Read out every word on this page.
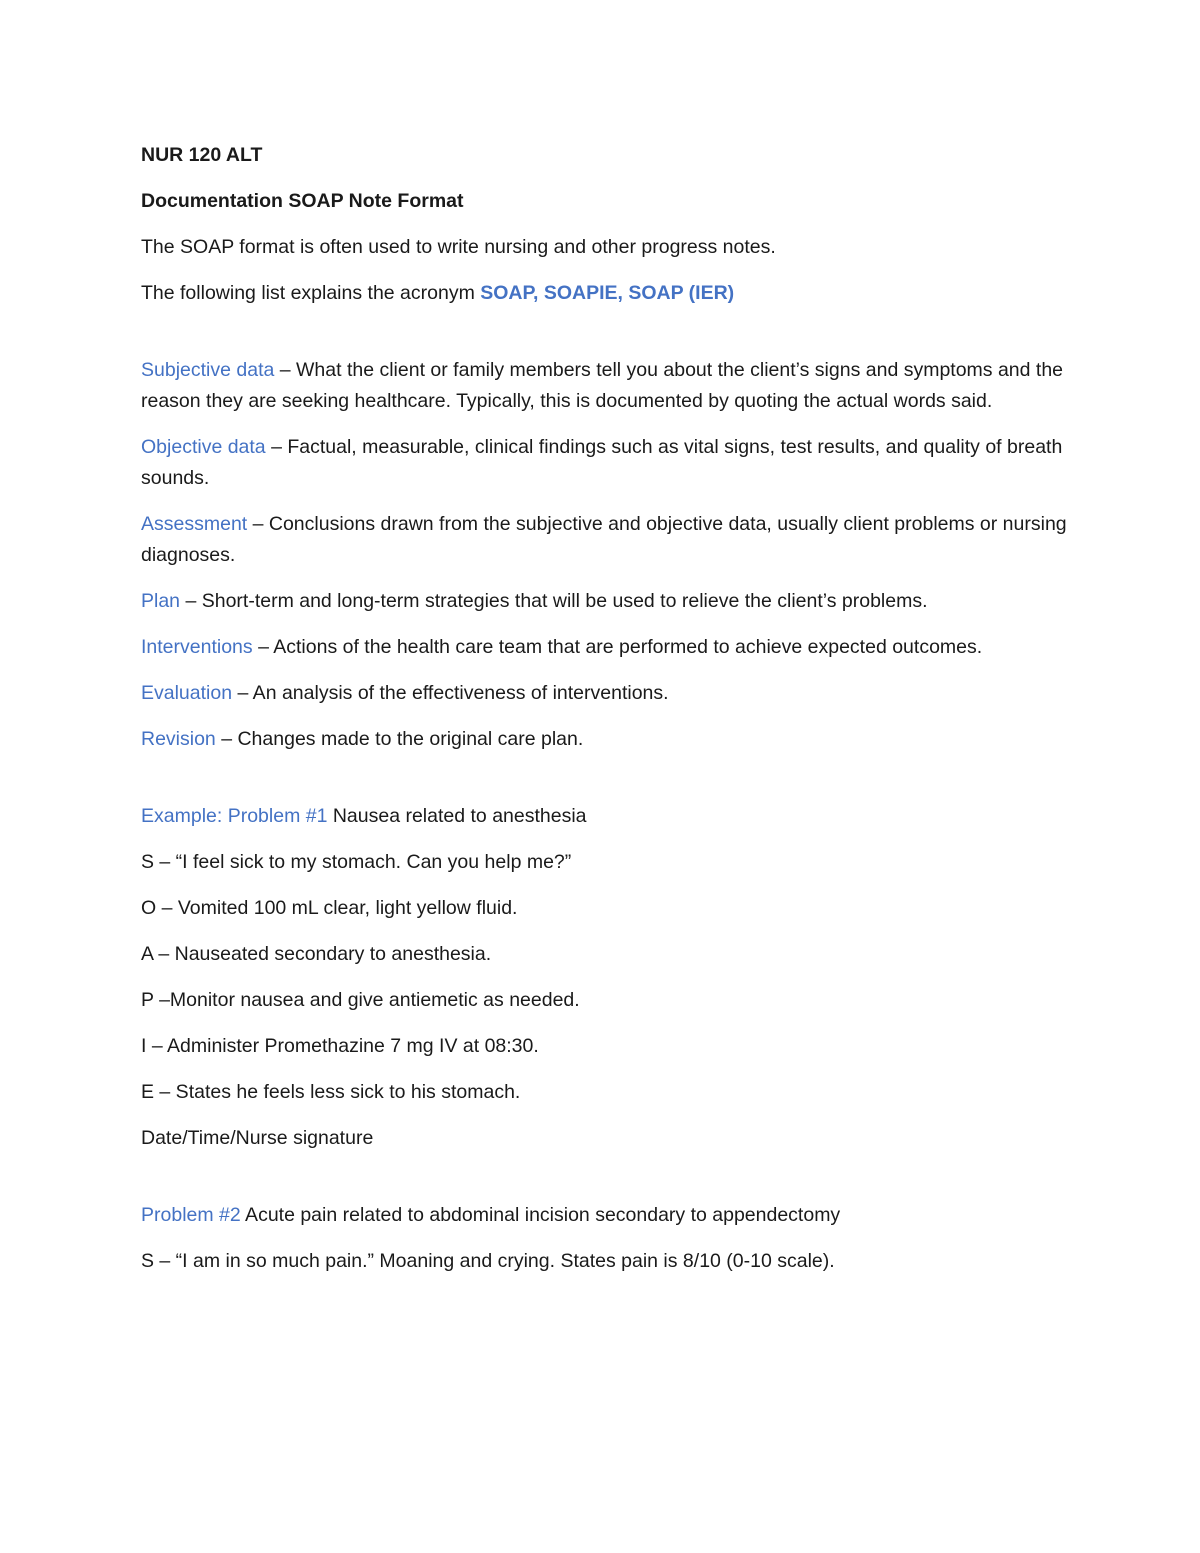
NUR 120 ALT

Documentation SOAP Note Format

The SOAP format is often used to write nursing and other progress notes.

The following list explains the acronym SOAP, SOAPIE, SOAP (IER)

Subjective data – What the client or family members tell you about the client’s signs and symptoms and the reason they are seeking healthcare. Typically, this is documented by quoting the actual words said.

Objective data – Factual, measurable, clinical findings such as vital signs, test results, and quality of breath sounds.

Assessment – Conclusions drawn from the subjective and objective data, usually client problems or nursing diagnoses.

Plan – Short-term and long-term strategies that will be used to relieve the client’s problems.

Interventions – Actions of the health care team that are performed to achieve expected outcomes.

Evaluation – An analysis of the effectiveness of interventions.

Revision – Changes made to the original care plan.

Example: Problem #1 Nausea related to anesthesia

S – “I feel sick to my stomach. Can you help me?”

O – Vomited 100 mL clear, light yellow fluid.

A – Nauseated secondary to anesthesia.

P –Monitor nausea and give antiemetic as needed.

I – Administer Promethazine 7 mg IV at 08:30.

E – States he feels less sick to his stomach.

Date/Time/Nurse signature

Problem #2 Acute pain related to abdominal incision secondary to appendectomy

S – “I am in so much pain.” Moaning and crying. States pain is 8/10 (0-10 scale).
